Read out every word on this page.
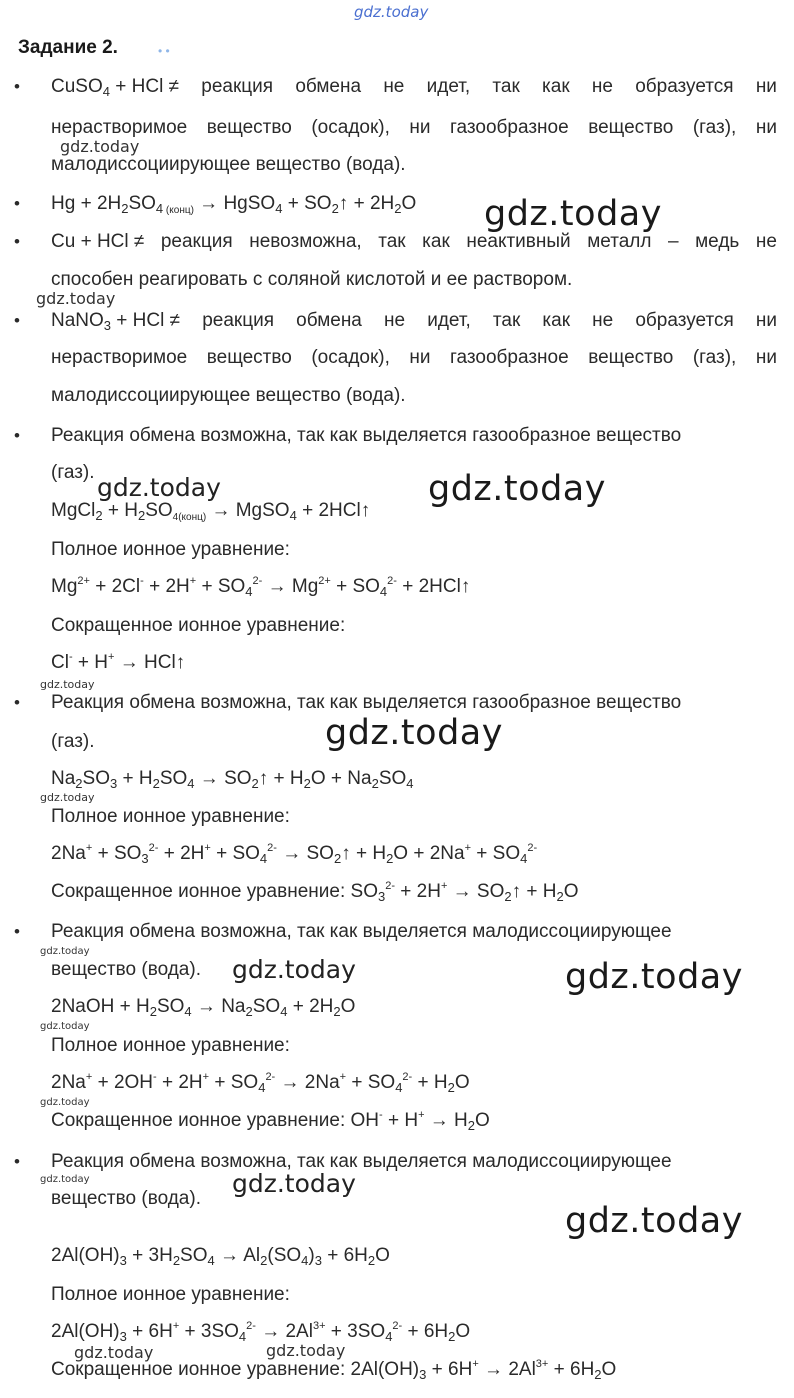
gdz.today
Задание 2.	• •
gdz.today
gdz.today
gdz.today
gdz.today	gdz.today
gdz.today
gdz.today
gdz.today
gdz.today
gdz.today	gdz.today
gdz.today
gdz.today
gdz.today	gdz.today
gdz.today
gdz.today	gdz.today
• CuSO$_4$ + HCl ≠ реакция обмена не идет, так как не образуется ни
нерастворимое вещество (осадок), ни газообразное вещество (газ), ни
малодиссоциирующее вещество (вода).
• $Hg + 2H_2SO_4$ $_{(конц)}$ → HgSO$_4$ + $SO_2↑ + 2H_2O$
• Cu + HCl ≠ реакция невозможна, так как неактивный металл – медь не
способен реагировать с соляной кислотой и ее раствором.
• NaNO$_3$ + HCl ≠ реакция обмена не идет, так как не образуется ни
нерастворимое вещество (осадок), ни газообразное вещество (газ), ни
малодиссоциирующее вещество (вода).
• Реакция обмена возможна, так как выделяется газообразное вещество
(газ).
MgCl$_2$ + $H_2SO_{4(конц)}$ → MgSO$_4$ + 2HCl↑
Полное ионное уравнение:
$Mg^{2+} + 2Cl^- + 2H^+ + SO_4^{2-} \to Mg^{2+} + SO_4^{2-}$ + 2HCl↑
Сокращенное ионное уравнение:
Cl- + H+ → HCl↑
• Реакция обмена возможна, так как выделяется газообразное вещество
(газ).
$Na_2SO_3 + H_2SO_4$ → $SO_2↑ + H_2O + Na_2SO_4$
Полное ионное уравнение:
$2Na^+ + SO_3^{2-} + 2H^+ + SO_4^{2-}$ → $SO_2↑ + H_2O + 2Na^+ + SO_4^{2-}$
Сокращенное ионное уравнение: $SO_3^{2-} + 2H^+$ → $SO_2↑ + H_2O$
• Реакция обмена возможна, так как выделяется малодиссоциирующее
вещество (вода).
2NaOH + $H_2SO_4 \to Na_2SO_4 + 2H_2O$
Полное ионное уравнение:
$2Na^+ + 2OH^- + 2H^+ + SO_4^{2-} \to 2Na^+ + SO_4^{2-} + H_2O$
Сокращенное ионное уравнение: $OH^- + H^+ \to H_2O$
• Реакция обмена возможна, так как выделяется малодиссоциирующее
вещество (вода).
$2Al(OH)_3 + 3H_2SO_4 \to Al_2(SO_4)_3 + 6H_2O$
Полное ионное уравнение:
$2Al(OH)_3 + 6H^+ + 3SO_4^{2-} \to 2Al^{3+} + 3SO_4^{2-} + 6H_2O$
Сокращенное ионное уравнение: $2Al(OH)_3 + 6H^+ \to 2Al^{3+} + 6H_2O$
